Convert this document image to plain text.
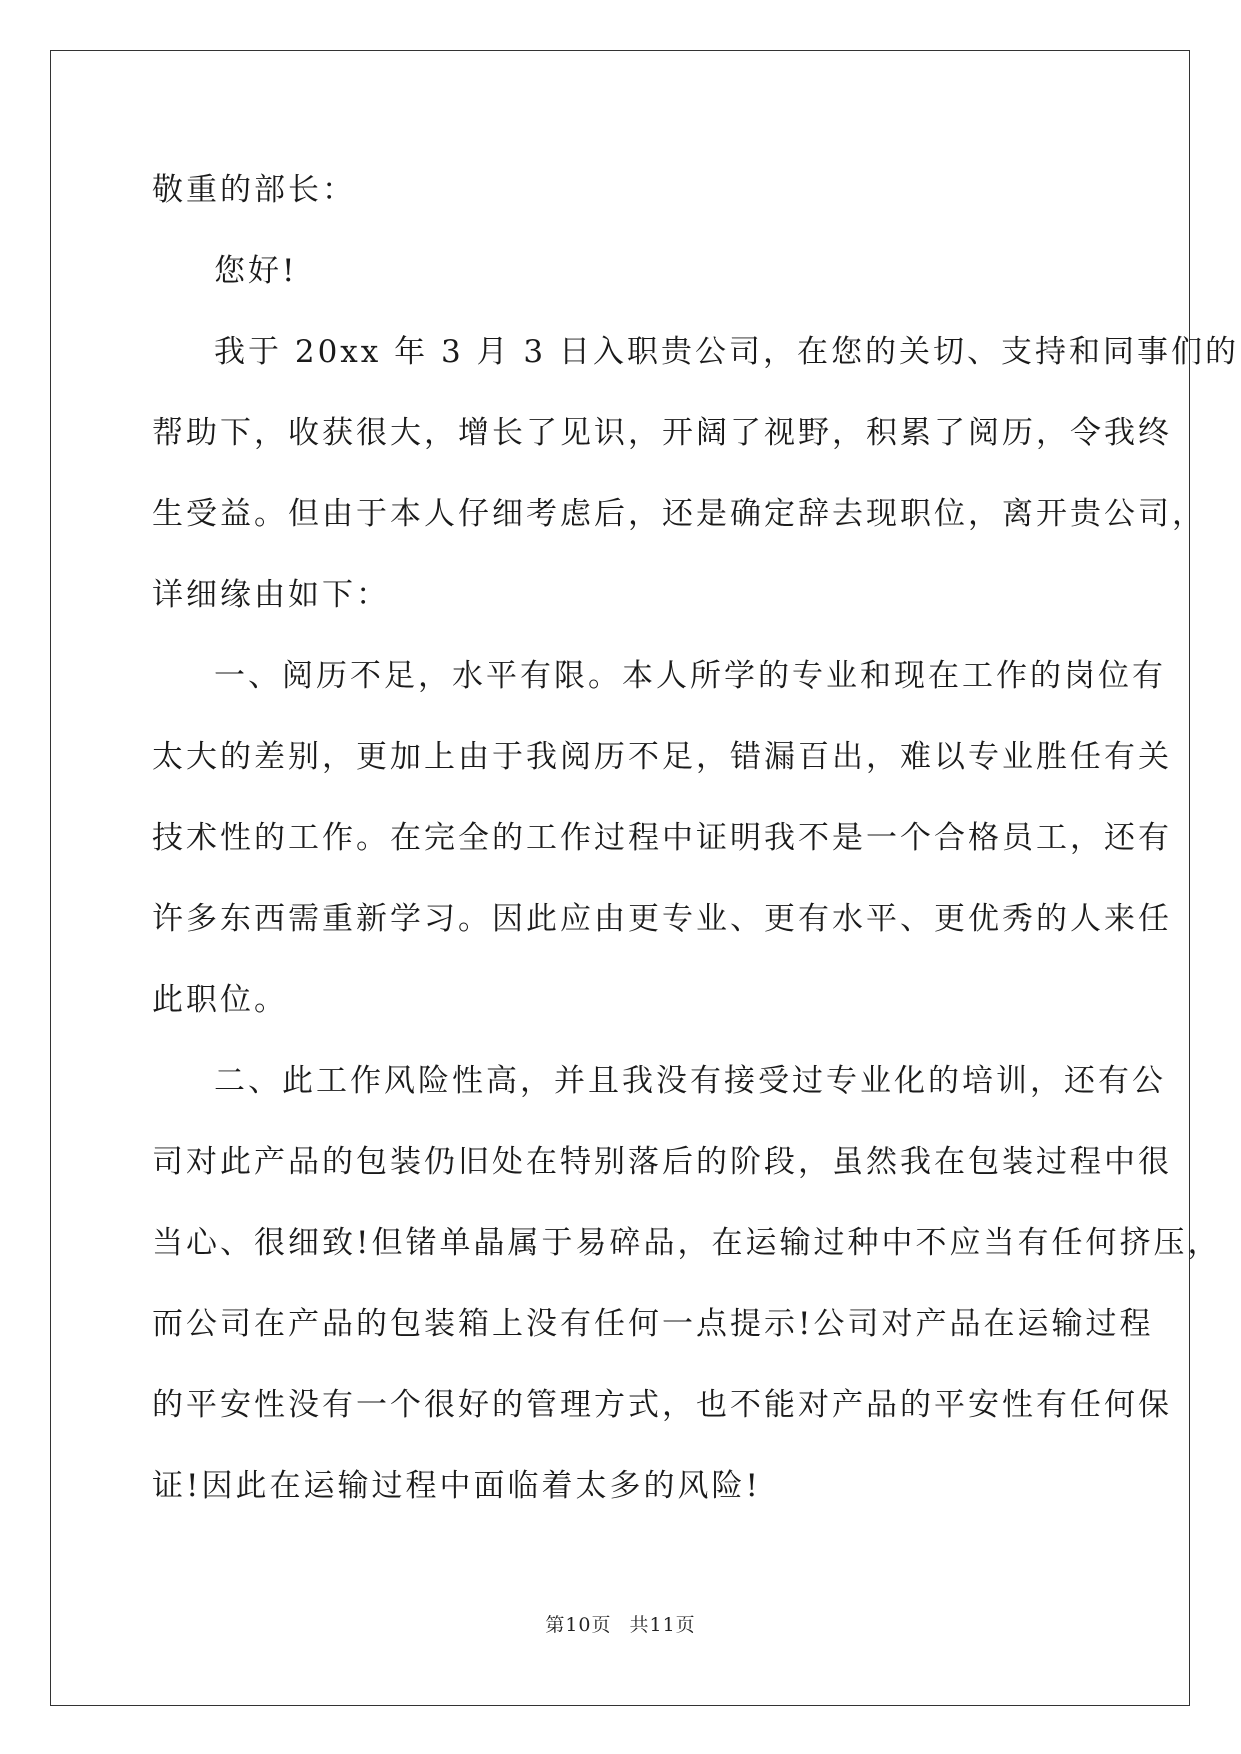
敬重的部长：
您好!
我于 20xx 年 3 月 3 日入职贵公司，在您的关切、支持和同事们的
帮助下，收获很大，增长了见识，开阔了视野，积累了阅历，令我终
生受益。但由于本人仔细考虑后，还是确定辞去现职位，离开贵公司，
详细缘由如下：
一、阅历不足，水平有限。本人所学的专业和现在工作的岗位有
太大的差别，更加上由于我阅历不足，错漏百出，难以专业胜任有关
技术性的工作。在完全的工作过程中证明我不是一个合格员工，还有
许多东西需重新学习。因此应由更专业、更有水平、更优秀的人来任
此职位。
二、此工作风险性高，并且我没有接受过专业化的培训，还有公
司对此产品的包装仍旧处在特别落后的阶段，虽然我在包装过程中很
当心、很细致!但锗单晶属于易碎品，在运输过种中不应当有任何挤压，
而公司在产品的包装箱上没有任何一点提示!公司对产品在运输过程
的平安性没有一个很好的管理方式，也不能对产品的平安性有任何保
证!因此在运输过程中面临着太多的风险!
第10页 共11页
